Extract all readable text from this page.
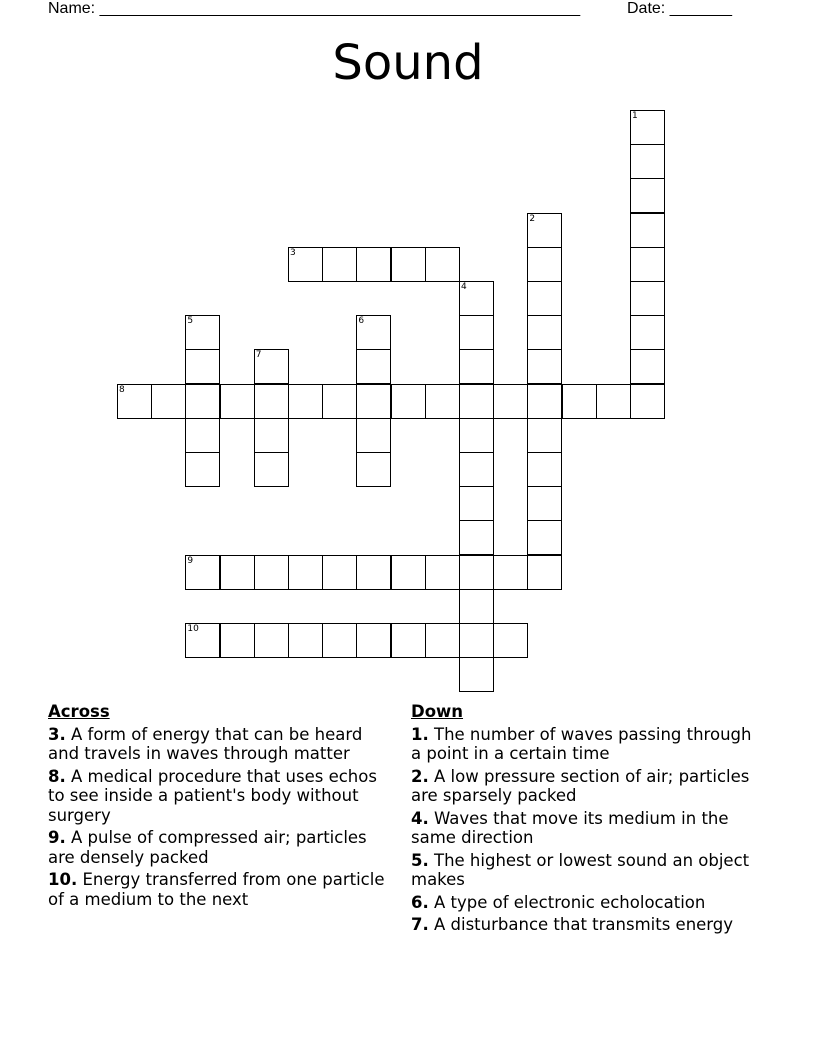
Name: ______________________________________________________	Date: _______
Sound
1
2
3
4
5	6
7
8
9
10
Across
3. A form of energy that can be heard and travels in waves through matter
8. A medical procedure that uses echos to see inside a patient's body without surgery
9. A pulse of compressed air; particles are densely packed
10. Energy transferred from one particle of a medium to the next
Down
1. The number of waves passing through a point in a certain time
2. A low pressure section of air; particles are sparsely packed
4. Waves that move its medium in the same direction
5. The highest or lowest sound an object makes
6. A type of electronic echolocation
7. A disturbance that transmits energy
